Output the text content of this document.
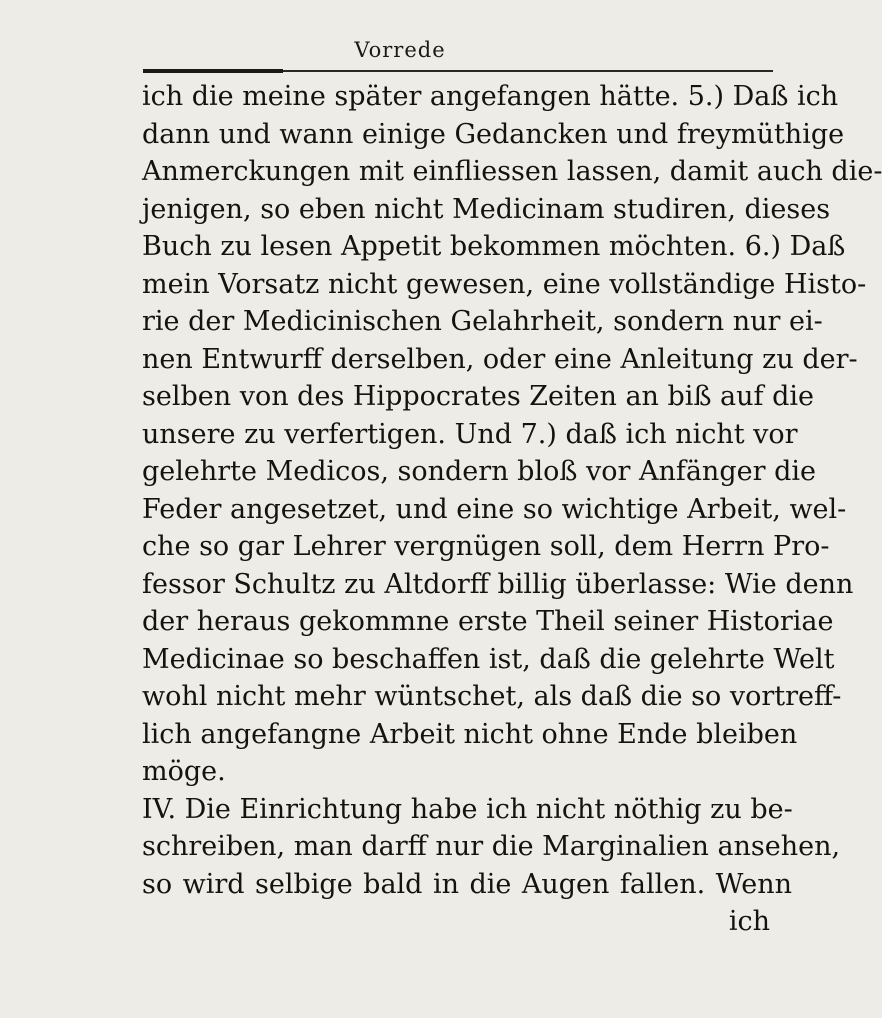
Vorrede
ich die meine später angefangen hätte. 5.) Daß ich
dann und wann einige Gedancken und freymüthige
Anmerckungen mit einfliessen lassen, damit auch die-
jenigen, so eben nicht Medicinam studiren, dieses
Buch zu lesen Appetit bekommen möchten. 6.) Daß
mein Vorsatz nicht gewesen, eine vollständige Histo-
rie der Medicinischen Gelahrheit, sondern nur ei-
nen Entwurff derselben, oder eine Anleitung zu der-
selben von des Hippocrates Zeiten an biß auf die
unsere zu verfertigen. Und 7.) daß ich nicht vor
gelehrte Medicos, sondern bloß vor Anfänger die
Feder angesetzet, und eine so wichtige Arbeit, wel-
che so gar Lehrer vergnügen soll, dem Herrn Pro-
fessor Schultz zu Altdorff billig überlasse: Wie denn
der heraus gekommne erste Theil seiner Historiae
Medicinae so beschaffen ist, daß die gelehrte Welt
wohl nicht mehr wüntschet, als daß die so vortreff-
lich angefangne Arbeit nicht ohne Ende bleiben
möge.
IV. Die Einrichtung habe ich nicht nöthig zu be-
schreiben, man darff nur die Marginalien ansehen,
so wird selbige bald in die Augen fallen. Wenn
ich
